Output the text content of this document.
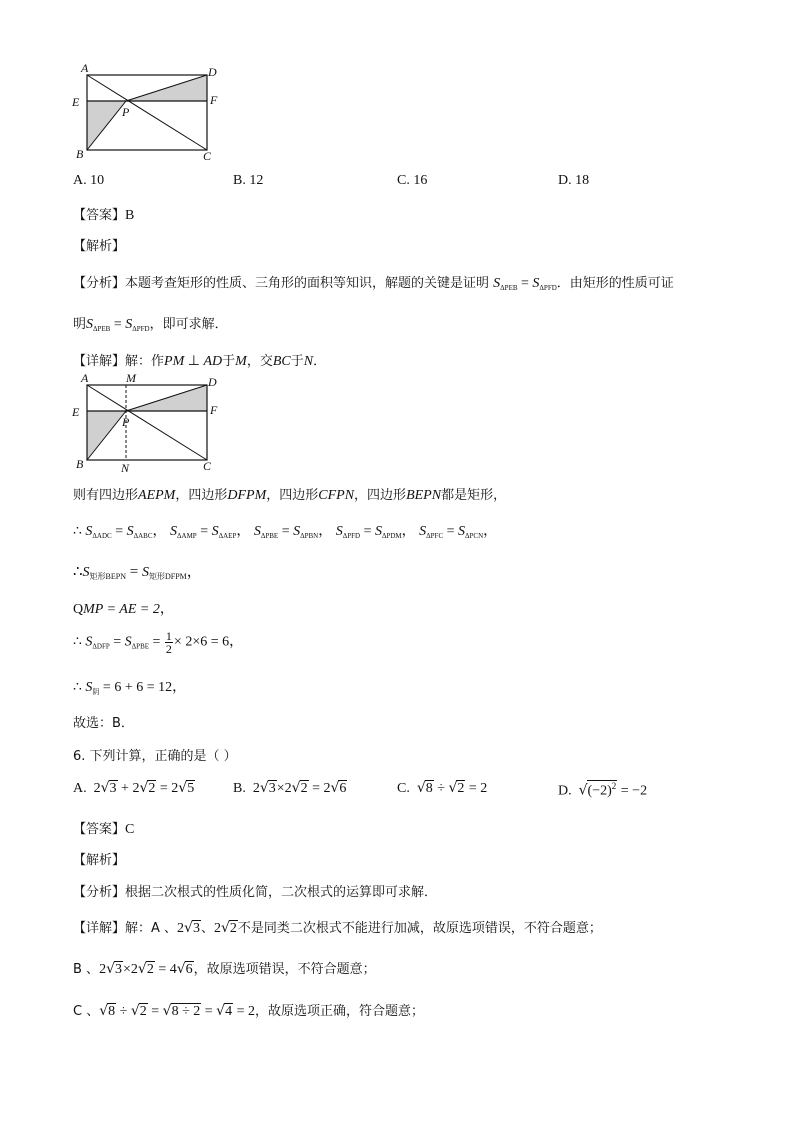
A	D
E	F
P
B	C
A. 10	B. 12	C. 16	D. 18
【答案】B
【解析】
【分析】本题考查矩形的性质、三角形的面积等知识，解题的关键是证明 $S_{\Delta PEB} = S_{\Delta PFD}$．由矩形的性质可证
明$S_{\Delta PEB} = S_{\Delta PFD}$，即可求解．
【详解】解：作PM ⊥ AD于M，交BC于N．
A	M	D
E	F
P
B	N	C
则有四边形AEPM，四边形DFPM，四边形CFPN，四边形BEPN都是矩形，
∴ $S_{\Delta ADC} = S_{\Delta ABC}$， $S_{\Delta AMP} = S_{\Delta AEP}$， $S_{\Delta PBE} = S_{\Delta PBN}$， $S_{\Delta PFD} = S_{\Delta PDM}$， $S_{\Delta PFC} = S_{\Delta PCN}$，
$\therefore S_{矩形BEPN} = S_{矩形DFPM}$，
QMP = AE = 2，
∴ $S_{\Delta DFP} = S_{\Delta PBE} = \frac{1}{2} \times 2\times 6 = 6$，
∴ $S_阴 = 6 + 6 = 12$，
故选：B．
6. 下列计算，正确的是（ ）
A.  2√3 + 2√2 = 2√5	B.  2√3×2√2 = 2√6	C. √8 ÷ √2 = 2	D. $√(-2)^2 = -2$
【答案】C
【解析】
【分析】根据二次根式的性质化简，二次根式的运算即可求解．
【详解】解：A 、2√3、2√2不是同类二次根式不能进行加减，故原选项错误，不符合题意；
B 、2√3×2√2 = 4√6，故原选项错误，不符合题意；
C 、√8 ÷ √2 = √8 ÷ 2 = √4 = 2，故原选项正确，符合题意；
